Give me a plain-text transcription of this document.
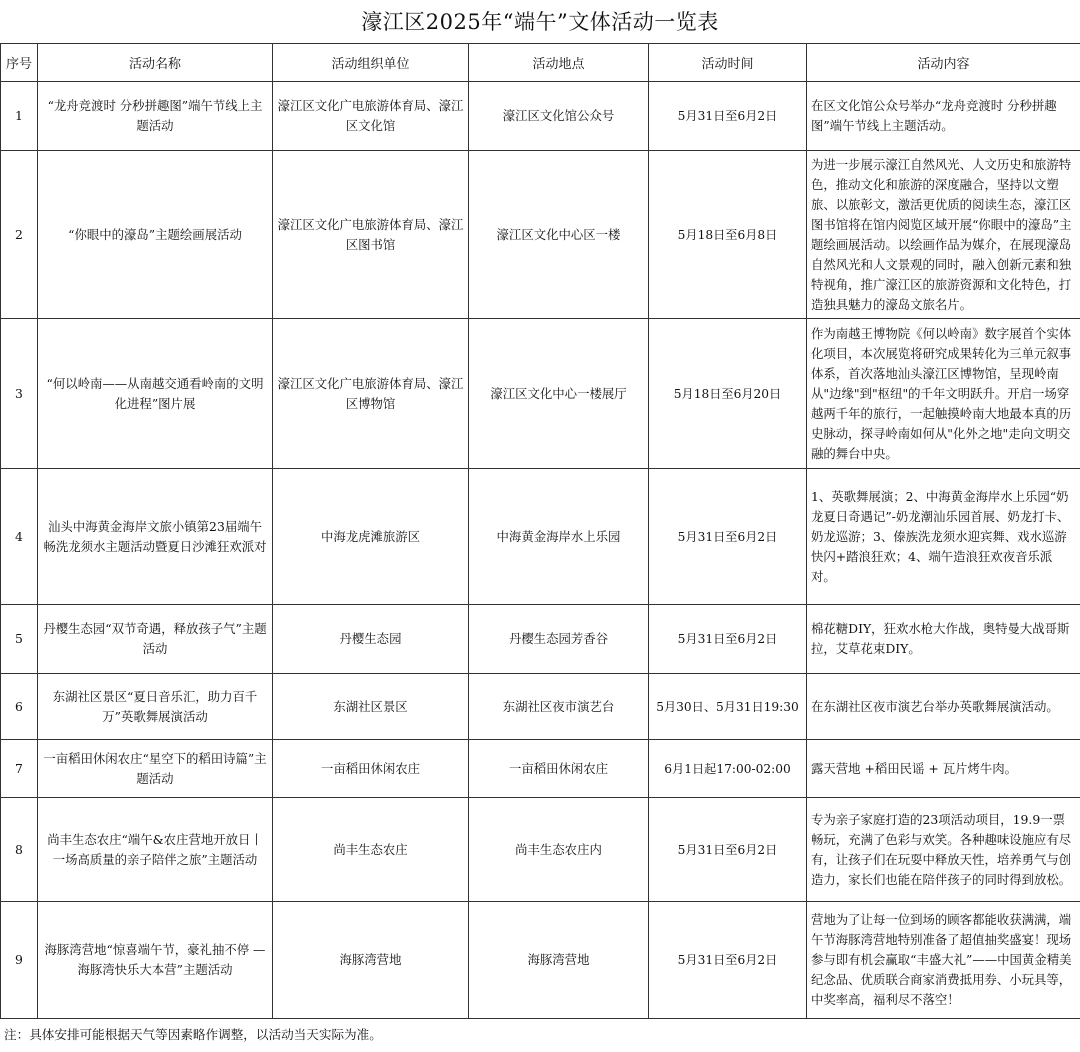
濠江区2025年“端午”文体活动一览表
序号	活动名称	活动组织单位	活动地点	活动时间	活动内容
1	“龙舟竞渡时 分秒拼趣图”端午节线上主题活动	濠江区文化广电旅游体育局、濠江区文化馆	濠江区文化馆公众号	5月31日至6月2日	在区文化馆公众号举办“龙舟竞渡时 分秒拼趣图”端午节线上主题活动。
2	“你眼中的濠岛”主题绘画展活动	濠江区文化广电旅游体育局、濠江区图书馆	濠江区文化中心区一楼	5月18日至6月8日	为进一步展示濠江自然风光、人文历史和旅游特色，推动文化和旅游的深度融合，坚持以文塑旅、以旅彰文，激活更优质的阅读生态，濠江区图书馆将在馆内阅览区域开展“你眼中的濠岛”主题绘画展活动。以绘画作品为媒介，在展现濠岛自然风光和人文景观的同时，融入创新元素和独特视角，推广濠江区的旅游资源和文化特色，打造独具魅力的濠岛文旅名片。
3	“何以岭南——从南越交通看岭南的文明化进程”图片展	濠江区文化广电旅游体育局、濠江区博物馆	濠江区文化中心一楼展厅	5月18日至6月20日	作为南越王博物院《何以岭南》数字展首个实体化项目，本次展览将研究成果转化为三单元叙事体系，首次落地汕头濠江区博物馆，呈现岭南从"边缘"到"枢纽"的千年文明跃升。开启一场穿越两千年的旅行，一起触摸岭南大地最本真的历史脉动，探寻岭南如何从"化外之地"走向文明交融的舞台中央。
4	汕头中海黄金海岸文旅小镇第23届端午畅洗龙须水主题活动暨夏日沙滩狂欢派对	中海龙虎滩旅游区	中海黄金海岸水上乐园	5月31日至6月2日	1、英歌舞展演；2、中海黄金海岸水上乐园“奶龙夏日奇遇记”-奶龙潮汕乐园首展、奶龙打卡、奶龙巡游；3、傣族洗龙须水迎宾舞、戏水巡游快闪+踏浪狂欢；4、端午造浪狂欢夜音乐派对。
5	丹樱生态园“双节奇遇，释放孩子气”主题活动	丹樱生态园	丹樱生态园芳香谷	5月31日至6月2日	棉花糖DIY，狂欢水枪大作战，奥特曼大战哥斯拉，艾草花束DIY。
6	东湖社区景区“夏日音乐汇，助力百千万”英歌舞展演活动	东湖社区景区	东湖社区夜市演艺台	5月30日、5月31日19:30	在东湖社区夜市演艺台举办英歌舞展演活动。
7	一亩稻田休闲农庄“星空下的稻田诗篇”主题活动	一亩稻田休闲农庄	一亩稻田休闲农庄	6月1日起17:00-02:00	露天营地 +稻田民谣 + 瓦片烤牛肉。
8	尚丰生态农庄“端午&农庄营地开放日丨一场高质量的亲子陪伴之旅”主题活动	尚丰生态农庄	尚丰生态农庄内	5月31日至6月2日	专为亲子家庭打造的23项活动项目，19.9一票畅玩，充满了色彩与欢笑。各种趣味设施应有尽有，让孩子们在玩耍中释放天性，培养勇气与创造力，家长们也能在陪伴孩子的同时得到放松。
9	海豚湾营地“惊喜端午节，豪礼抽不停 —海豚湾快乐大本营”主题活动	海豚湾营地	海豚湾营地	5月31日至6月2日	营地为了让每一位到场的顾客都能收获满满，端午节海豚湾营地特别准备了超值抽奖盛宴！现场参与即有机会赢取“丰盛大礼”——中国黄金精美纪念品、优质联合商家消费抵用券、小玩具等，中奖率高，福利尽不落空！
注：具体安排可能根据天气等因素略作调整，以活动当天实际为准。
